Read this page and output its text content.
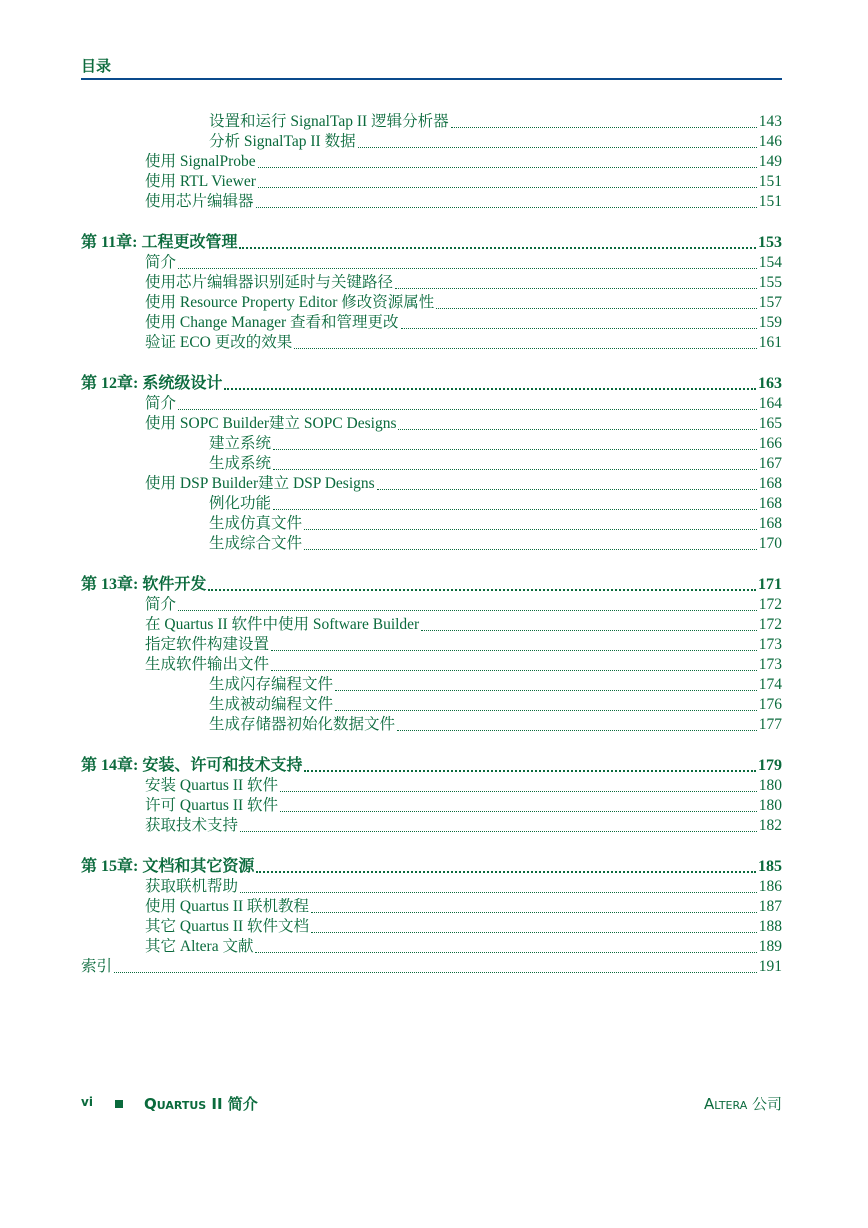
目录
设置和运行 SignalTap II 逻辑分析器	143
分析 SignalTap II 数据	146
使用 SignalProbe	149
使用 RTL Viewer	151
使用芯片编辑器	151
第 11章: 工程更改管理	153
简介	154
使用芯片编辑器识别延时与关键路径	155
使用 Resource Property Editor 修改资源属性	157
使用 Change Manager 查看和管理更改	159
验证 ECO 更改的效果	161
第 12章: 系统级设计	163
简介	164
使用 SOPC Builder建立 SOPC Designs	165
建立系统	166
生成系统	167
使用 DSP Builder建立 DSP Designs	168
例化功能	168
生成仿真文件	168
生成综合文件	170
第 13章: 软件开发	171
简介	172
在 Quartus II 软件中使用 Software Builder	172
指定软件构建设置	173
生成软件输出文件	173
生成闪存编程文件	174
生成被动编程文件	176
生成存储器初始化数据文件	177
第 14章: 安装、许可和技术支持	179
安装 Quartus II 软件	180
许可 Quartus II 软件	180
获取技术支持	182
第 15章: 文档和其它资源	185
获取联机帮助	186
使用 Quartus II 联机教程	187
其它 Quartus II 软件文档	188
其它 Altera 文献	189
索引	191
vi	Quartus II 简介	Altera 公司
